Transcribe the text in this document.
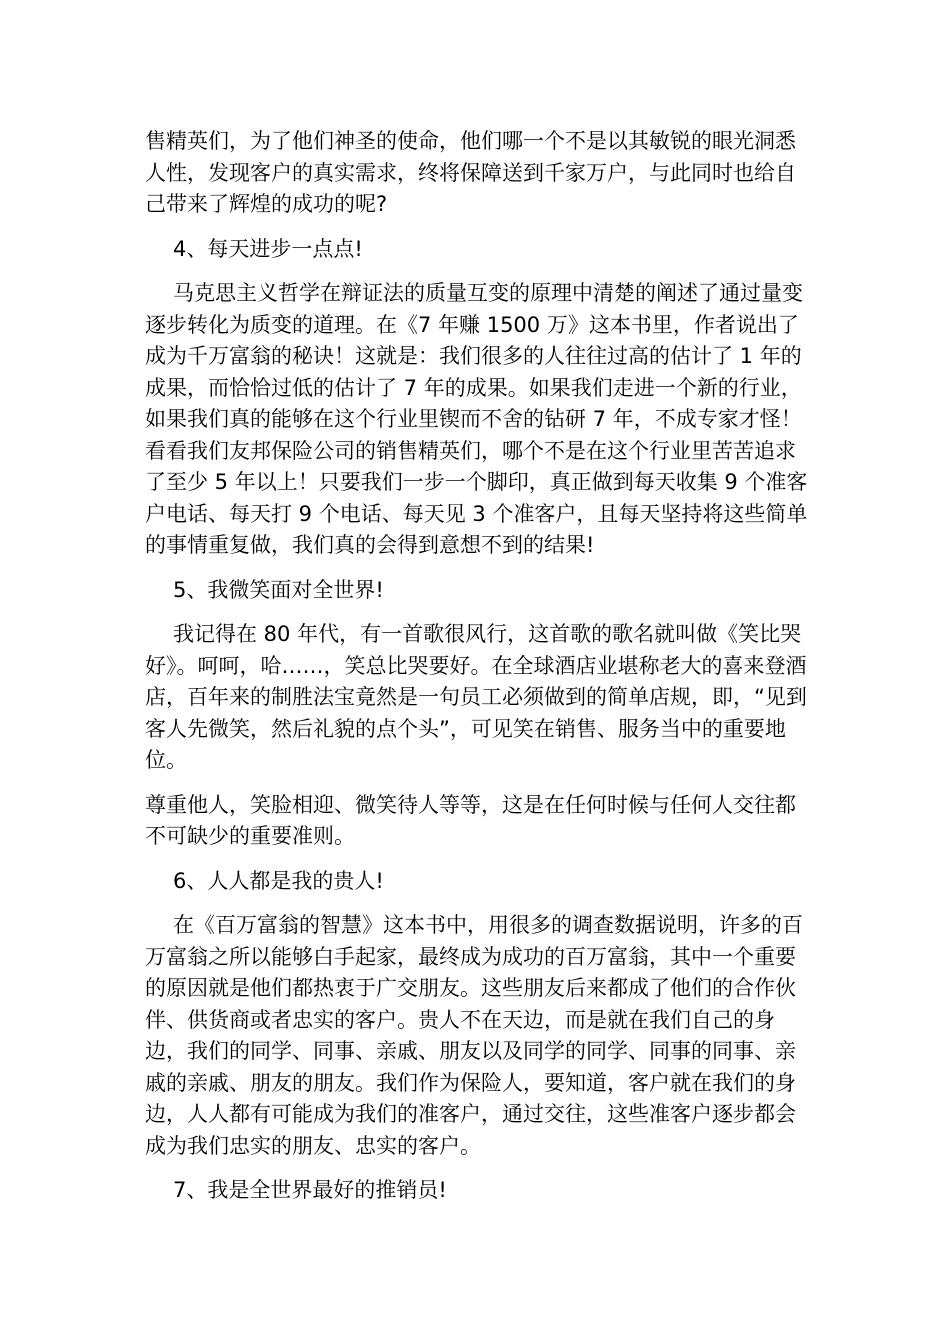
售精英们，为了他们神圣的使命，他们哪一个不是以其敏锐的眼光洞悉人性，发现客户的真实需求，终将保障送到千家万户，与此同时也给自己带来了辉煌的成功的呢?

4、每天进步一点点!

马克思主义哲学在辩证法的质量互变的原理中清楚的阐述了通过量变逐步转化为质变的道理。在《7 年赚 1500 万》这本书里，作者说出了成为千万富翁的秘诀！这就是：我们很多的人往往过高的估计了 1 年的成果，而恰恰过低的估计了 7 年的成果。如果我们走进一个新的行业，如果我们真的能够在这个行业里锲而不舍的钻研 7 年，不成专家才怪！看看我们友邦保险公司的销售精英们，哪个不是在这个行业里苦苦追求了至少 5 年以上！只要我们一步一个脚印，真正做到每天收集 9 个准客户电话、每天打 9 个电话、每天见 3 个准客户，且每天坚持将这些简单的事情重复做，我们真的会得到意想不到的结果!

5、我微笑面对全世界!

我记得在 80 年代，有一首歌很风行，这首歌的歌名就叫做《笑比哭好》。呵呵，哈……，笑总比哭要好。在全球酒店业堪称老大的喜来登酒店，百年来的制胜法宝竟然是一句员工必须做到的简单店规，即，“见到客人先微笑，然后礼貌的点个头”，可见笑在销售、服务当中的重要地位。

尊重他人，笑脸相迎、微笑待人等等，这是在任何时候与任何人交往都不可缺少的重要准则。

6、人人都是我的贵人!

在《百万富翁的智慧》这本书中，用很多的调查数据说明，许多的百万富翁之所以能够白手起家，最终成为成功的百万富翁，其中一个重要的原因就是他们都热衷于广交朋友。这些朋友后来都成了他们的合作伙伴、供货商或者忠实的客户。贵人不在天边，而是就在我们自己的身边，我们的同学、同事、亲戚、朋友以及同学的同学、同事的同事、亲戚的亲戚、朋友的朋友。我们作为保险人，要知道，客户就在我们的身边，人人都有可能成为我们的准客户，通过交往，这些准客户逐步都会成为我们忠实的朋友、忠实的客户。

7、我是全世界最好的推销员!
